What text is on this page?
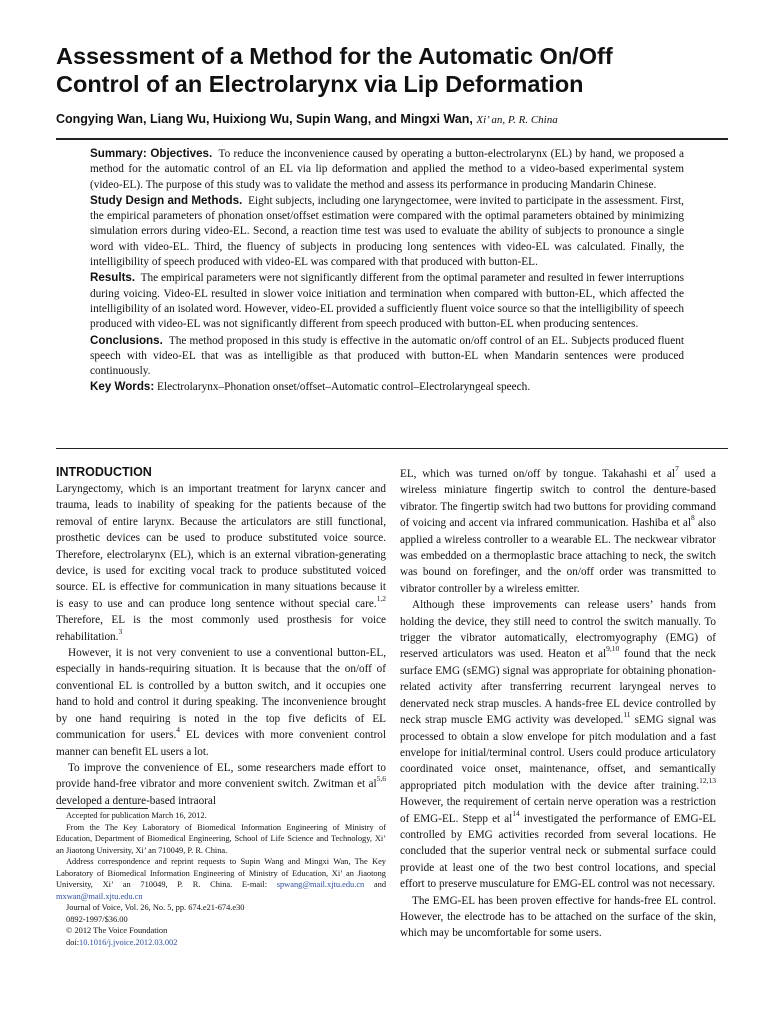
Assessment of a Method for the Automatic On/Off
Control of an Electrolarynx via Lip Deformation
Congying Wan, Liang Wu, Huixiong Wu, Supin Wang, and Mingxi Wan, Xi’ an, P. R. China

Summary: Objectives. To reduce the inconvenience caused by operating a button-electrolarynx (EL) by hand, we proposed a method for the automatic control of an EL via lip deformation and applied the method to a video-based experimental system (video-EL). The purpose of this study was to validate the method and assess its performance in producing Mandarin Chinese.

Study Design and Methods. Eight subjects, including one laryngectomee, were invited to participate in the assessment. First, the empirical parameters of phonation onset/offset estimation were compared with the optimal parameters obtained by minimizing simulation errors during video-EL. Second, a reaction time test was used to evaluate the ability of subjects to pronounce a single word with video-EL. Third, the fluency of subjects in producing long sentences with video-EL was calculated. Finally, the intelligibility of speech produced with video-EL was compared with that produced with button-EL.

Results. The empirical parameters were not significantly different from the optimal parameter and resulted in fewer interruptions during voicing. Video-EL resulted in slower voice initiation and termination when compared with button-EL, which affected the intelligibility of an isolated word. However, video-EL provided a sufficiently fluent voice source so that the intelligibility of speech produced with video-EL was not significantly different from speech produced with button-EL when producing sentences.

Conclusions. The method proposed in this study is effective in the automatic on/off control of an EL. Subjects produced fluent speech with video-EL that was as intelligible as that produced with button-EL when Mandarin sentences were produced continuously.

Key Words: Electrolarynx–Phonation onset/offset–Automatic control–Electrolaryngeal speech.

INTRODUCTION

Laryngectomy, which is an important treatment for larynx cancer and trauma, leads to inability of speaking for the patients because of the removal of entire larynx. Because the articulators are still functional, prosthetic devices can be used to produce substituted voice source. Therefore, electrolarynx (EL), which is an external vibration-generating device, is used for exciting vocal track to produce substituted voiced source. EL is effective for communication in many situations because it is easy to use and can produce long sentence without special care.$^{1,2}$ Therefore, EL is the most commonly used prosthesis for voice rehabilitation.$^3$

However, it is not very convenient to use a conventional button-EL, especially in hands-requiring situation. It is because that the on/off of conventional EL is controlled by a button switch, and it occupies one hand to hold and control it during speaking. The inconvenience brought by one hand requiring is noted in the top five deficits of EL communication for users.$^4$ EL devices with more convenient control manner can benefit EL users a lot.

To improve the convenience of EL, some researchers made effort to provide hand-free vibrator and more convenient switch. Zwitman et al$^{5,6}$ developed a denture-based intraoral

Accepted for publication March 16, 2012.

From the The Key Laboratory of Biomedical Information Engineering of Ministry of Education, Department of Biomedical Engineering, School of Life Science and Technology, Xi’ an Jiaotong University, Xi’ an 710049, P. R. China.

Address correspondence and reprint requests to Supin Wang and Mingxi Wan, The Key Laboratory of Biomedical Information Engineering of Ministry of Education, Xi’ an Jiaotong University, Xi’ an 710049, P. R. China. E-mail: spwang@mail.xjtu.edu.cn and mxwan@mail.xjtu.edu.cn

Journal of Voice, Vol. 26, No. 5, pp. 674.e21-674.e30

0892-1997/$36.00

© 2012 The Voice Foundation

doi:10.1016/j.jvoice.2012.03.002

EL, which was turned on/off by tongue. Takahashi et $al^7$ used a wireless miniature fingertip switch to control the denture-based vibrator. The fingertip switch had two buttons for providing command of voicing and accent via infrared communication. Hashiba et $al^8$ also applied a wireless controller to a wearable EL. The neckwear vibrator was embedded on a thermoplastic brace attaching to neck, the switch was bound on forefinger, and the on/off order was transmitted to vibrator controller by a wireless emitter.

Although these improvements can release users’ hands from holding the device, they still need to control the switch manually. To trigger the vibrator automatically, electromyography (EMG) of reserved articulators was used. Heaton et al$^{9,10}$ found that the neck surface EMG (sEMG) signal was appropriate for obtaining phonation-related activity after transferring recurrent laryngeal nerves to denervated neck strap muscles. A hands-free EL device controlled by neck strap muscle EMG activity was developed.$^{11}$ sEMG signal was processed to obtain a slow envelope for pitch modulation and a fast envelope for initial/terminal control. Users could produce articulatory coordinated voice onset, maintenance, offset, and semantically appropriated pitch modulation with the device after training.$^{12,13}$ However, the requirement of certain nerve operation was a restriction of EMG-EL. Stepp et $al^{14}$ investigated the performance of EMG-EL controlled by EMG activities recorded from several locations. He concluded that the superior ventral neck or submental surface could provide at least one of the two best control locations, and special effort to preserve musculature for EMG-EL control was not necessary.

The EMG-EL has been proven effective for hands-free EL control. However, the electrode has to be attached on the surface of the skin, which may be uncomfortable for some users.
